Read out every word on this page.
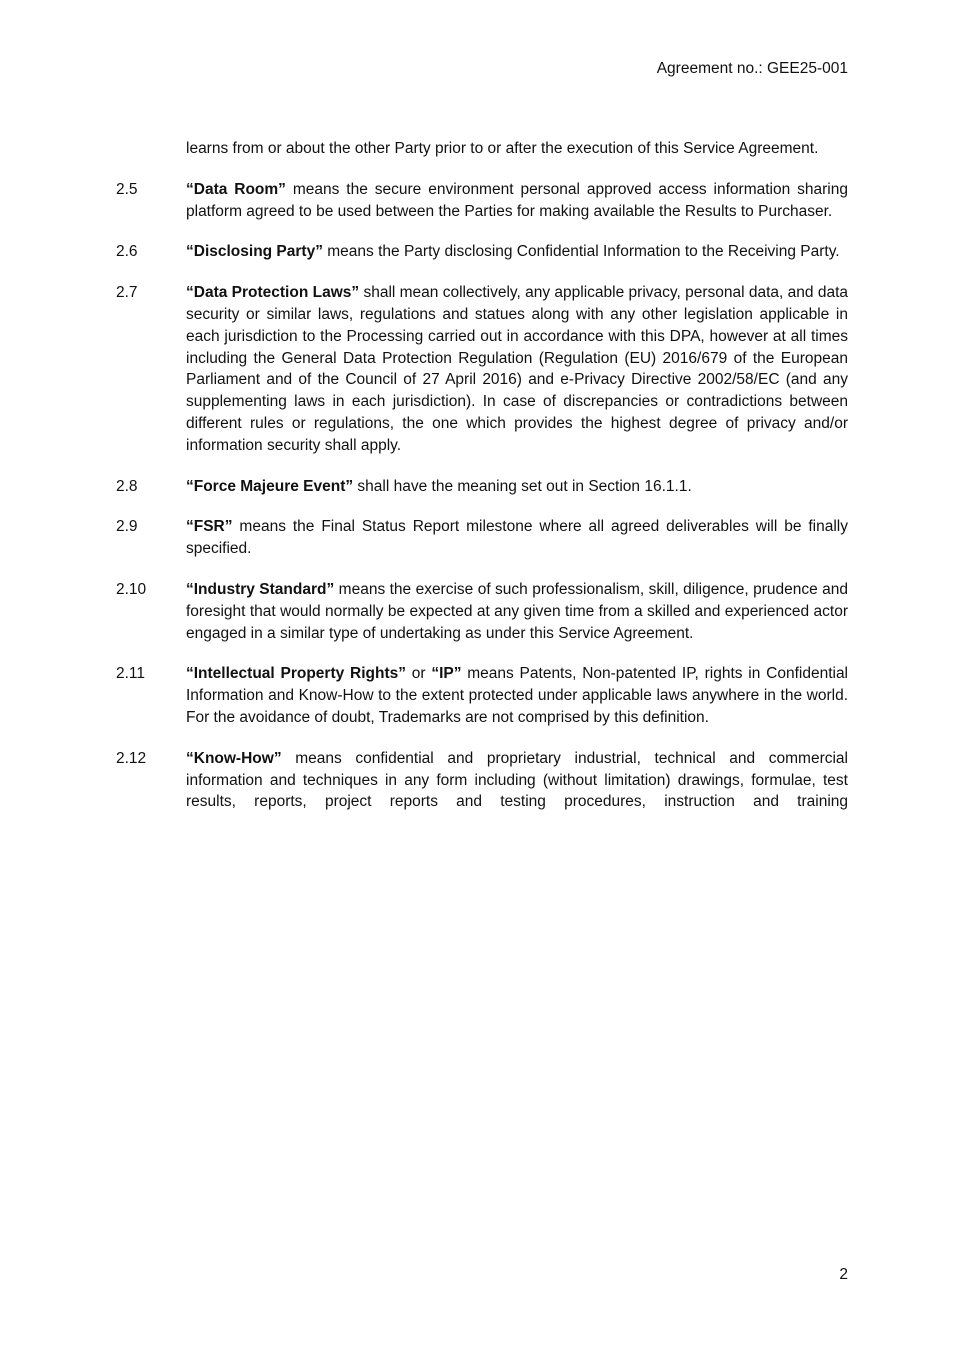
Agreement no.: GEE25-001
learns from or about the other Party prior to or after the execution of this Service Agreement.
2.5	“Data Room” means the secure environment personal approved access information sharing platform agreed to be used between the Parties for making available the Results to Purchaser.
2.6	“Disclosing Party” means the Party disclosing Confidential Information to the Receiving Party.
2.7	“Data Protection Laws” shall mean collectively, any applicable privacy, personal data, and data security or similar laws, regulations and statues along with any other legislation applicable in each jurisdiction to the Processing carried out in accordance with this DPA, however at all times including the General Data Protection Regulation (Regulation (EU) 2016/679 of the European Parliament and of the Council of 27 April 2016) and e-Privacy Directive 2002/58/EC (and any supplementing laws in each jurisdiction). In case of discrepancies or contradictions between different rules or regulations, the one which provides the highest degree of privacy and/or information security shall apply.
2.8	“Force Majeure Event” shall have the meaning set out in Section 16.1.1.
2.9	“FSR” means the Final Status Report milestone where all agreed deliverables will be finally specified.
2.10	“Industry Standard” means the exercise of such professionalism, skill, diligence, prudence and foresight that would normally be expected at any given time from a skilled and experienced actor engaged in a similar type of undertaking as under this Service Agreement.
2.11	“Intellectual Property Rights” or “IP” means Patents, Non-patented IP, rights in Confidential Information and Know-How to the extent protected under applicable laws anywhere in the world. For the avoidance of doubt, Trademarks are not comprised by this definition.
2.12	“Know-How” means confidential and proprietary industrial, technical and commercial information and techniques in any form including (without limitation) drawings, formulae, test results, reports, project reports and testing procedures, instruction and training
2
